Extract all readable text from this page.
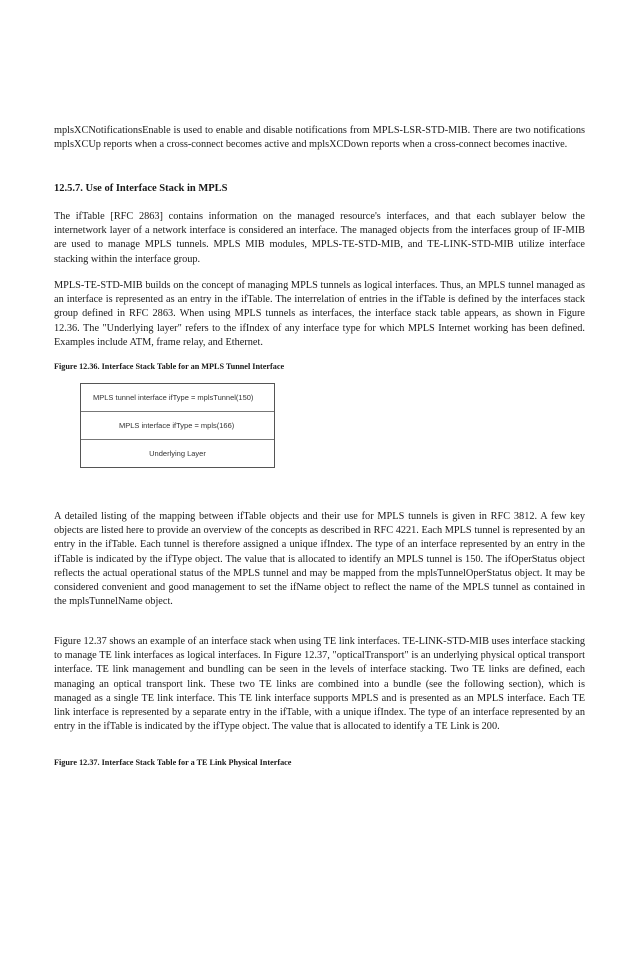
mplsXCNotificationsEnable is used to enable and disable notifications from MPLS-LSR-STD-MIB. There are two notifications mplsXCUp reports when a cross-connect becomes active and mplsXCDown reports when a cross-connect becomes inactive.

12.5.7. Use of Interface Stack in MPLS

The ifTable [RFC 2863] contains information on the managed resource's interfaces, and that each sublayer below the internetwork layer of a network interface is considered an interface. The managed objects from the interfaces group of IF-MIB are used to manage MPLS tunnels. MPLS MIB modules, MPLS-TE-STD-MIB, and TE-LINK-STD-MIB utilize interface stacking within the interface group.

MPLS-TE-STD-MIB builds on the concept of managing MPLS tunnels as logical interfaces. Thus, an MPLS tunnel managed as an interface is represented as an entry in the ifTable. The interrelation of entries in the ifTable is defined by the interfaces stack group defined in RFC 2863. When using MPLS tunnels as interfaces, the interface stack table appears, as shown in Figure 12.36. The "Underlying layer" refers to the ifIndex of any interface type for which MPLS Internet working has been defined. Examples include ATM, frame relay, and Ethernet.

Figure 12.36. Interface Stack Table for an MPLS Tunnel Interface

MPLS tunnel interface ifType = mplsTunnel(150)
MPLS interface ifType = mpls(166)
Underlying Layer

A detailed listing of the mapping between ifTable objects and their use for MPLS tunnels is given in RFC 3812. A few key objects are listed here to provide an overview of the concepts as described in RFC 4221. Each MPLS tunnel is represented by an entry in the ifTable. Each tunnel is therefore assigned a unique ifIndex. The type of an interface represented by an entry in the ifTable is indicated by the ifType object. The value that is allocated to identify an MPLS tunnel is 150. The ifOperStatus object reflects the actual operational status of the MPLS tunnel and may be mapped from the mplsTunnelOperStatus object. It may be considered convenient and good management to set the ifName object to reflect the name of the MPLS tunnel as contained in the mplsTunnelName object.

Figure 12.37 shows an example of an interface stack when using TE link interfaces. TE-LINK-STD-MIB uses interface stacking to manage TE link interfaces as logical interfaces. In Figure 12.37, "opticalTransport" is an underlying physical optical transport interface. TE link management and bundling can be seen in the levels of interface stacking. Two TE links are defined, each managing an optical transport link. These two TE links are combined into a bundle (see the following section), which is managed as a single TE link interface. This TE link interface supports MPLS and is presented as an MPLS interface. Each TE link interface is represented by a separate entry in the ifTable, with a unique ifIndex. The type of an interface represented by an entry in the ifTable is indicated by the ifType object. The value that is allocated to identify a TE Link is 200.

Figure 12.37. Interface Stack Table for a TE Link Physical Interface
